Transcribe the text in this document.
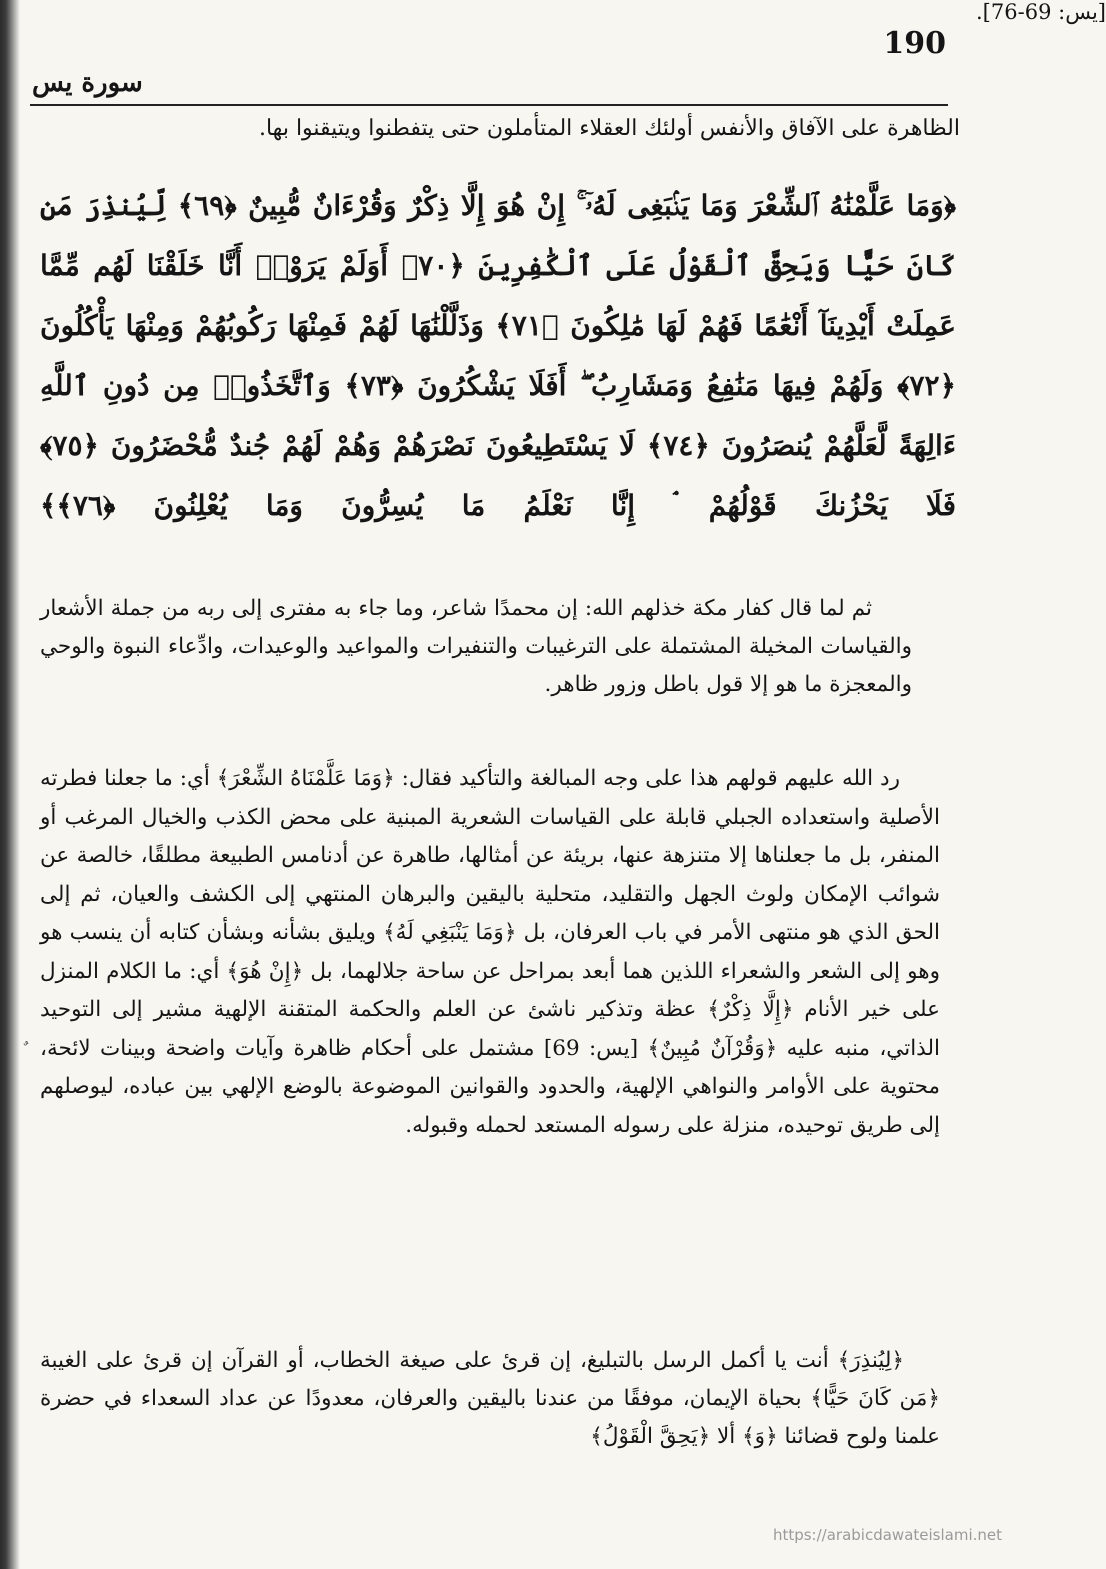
190
سورة يس
الظاهرة على الآفاق والأنفس أولئك العقلاء المتأملون حتى يتفطنوا ويتيقنوا بها.
﴿وَمَا عَلَّمْنَٰهُ ٱلشِّعْرَ وَمَا يَنۢبَغِى لَهُۥٓ ۚ إِنْ هُوَ إِلَّا ذِكْرٌ وَقُرْءَانٌ مُّبِينٌ ﴿٦٩﴾ لِّيُنذِرَ مَن كَانَ حَيًّا وَيَحِقَّ ٱلْقَوْلُ عَلَى ٱلْكَٰفِرِينَ ﴿٧٠﴾ أَوَلَمْ يَرَوْا۟ أَنَّا خَلَقْنَا لَهُم مِّمَّا عَمِلَتْ أَيْدِينَآ أَنْعَٰمًا فَهُمْ لَهَا مَٰلِكُونَ ﴿٧١﴾ وَذَلَّلْنَٰهَا لَهُمْ فَمِنْهَا رَكُوبُهُمْ وَمِنْهَا يَأْكُلُونَ ﴿٧٢﴾ وَلَهُمْ فِيهَا مَنَٰفِعُ وَمَشَارِبُ ۖ أَفَلَا يَشْكُرُونَ ﴿٧٣﴾ وَٱتَّخَذُوا۟ مِن دُونِ ٱللَّهِ ءَالِهَةً لَّعَلَّهُمْ يُنصَرُونَ ﴿٧٤﴾ لَا يَسْتَطِيعُونَ نَصْرَهُمْ وَهُمْ لَهُمْ جُندٌ مُّحْضَرُونَ ﴿٧٥﴾ فَلَا يَحْزُنكَ قَوْلُهُمْ ۘ إِنَّا نَعْلَمُ مَا يُسِرُّونَ وَمَا يُعْلِنُونَ ﴿٧٦﴾﴾
[يس: 69-76].
ثم لما قال كفار مكة خذلهم الله: إن محمدًا شاعر، وما جاء به مفترى إلى ربه من جملة الأشعار والقياسات المخيلة المشتملة على الترغيبات والتنفيرات والمواعيد والوعيدات، وادِّعاء النبوة والوحي والمعجزة ما هو إلا قول باطل وزور ظاهر.
رد الله عليهم قولهم هذا على وجه المبالغة والتأكيد فقال: ﴿وَمَا عَلَّمْنَاهُ الشِّعْرَ﴾ أي: ما جعلنا فطرته الأصلية واستعداده الجبلي قابلة على القياسات الشعرية المبنية على محض الكذب والخيال المرغب أو المنفر، بل ما جعلناها إلا متنزهة عنها، بريئة عن أمثالها، طاهرة عن أدنامس الطبيعة مطلقًا، خالصة عن شوائب الإمكان ولوث الجهل والتقليد، متحلية باليقين والبرهان المنتهي إلى الكشف والعيان، ثم إلى الحق الذي هو منتهى الأمر في باب العرفان، بل ﴿وَمَا يَنْبَغِي لَهُ﴾ ويليق بشأنه وبشأن كتابه أن ينسب هو وهو إلى الشعر والشعراء اللذين هما أبعد بمراحل عن ساحة جلالهما، بل ﴿إِنْ هُوَ﴾ أي: ما الكلام المنزل على خير الأنام ﴿إِلَّا ذِكْرٌ﴾ عظة وتذكير ناشئ عن العلم والحكمة المتقنة الإلهية مشير إلى التوحيد الذاتي، منبه عليه ﴿وَقُرْآنٌ مُبِينٌ﴾ [يس: 69] مشتمل على أحكام ظاهرة وآيات واضحة وبينات لائحة، محتوية على الأوامر والنواهي الإلهية، والحدود والقوانين الموضوعة بالوضع الإلهي بين عباده، ليوصلهم إلى طريق توحيده، منزلة على رسوله المستعد لحمله وقبوله.
﴿لِيُنذِرَ﴾ أنت يا أكمل الرسل بالتبليغ، إن قرئ على صيغة الخطاب، أو القرآن إن قرئ على الغيبة ﴿مَن كَانَ حَيًّا﴾ بحياة الإيمان، موفقًا من عندنا باليقين والعرفان، معدودًا عن عداد السعداء في حضرة علمنا ولوح قضائنا ﴿وَ﴾ ألا ﴿يَحِقَّ الْقَوْلُ﴾
https://arabicdawateislami.net
